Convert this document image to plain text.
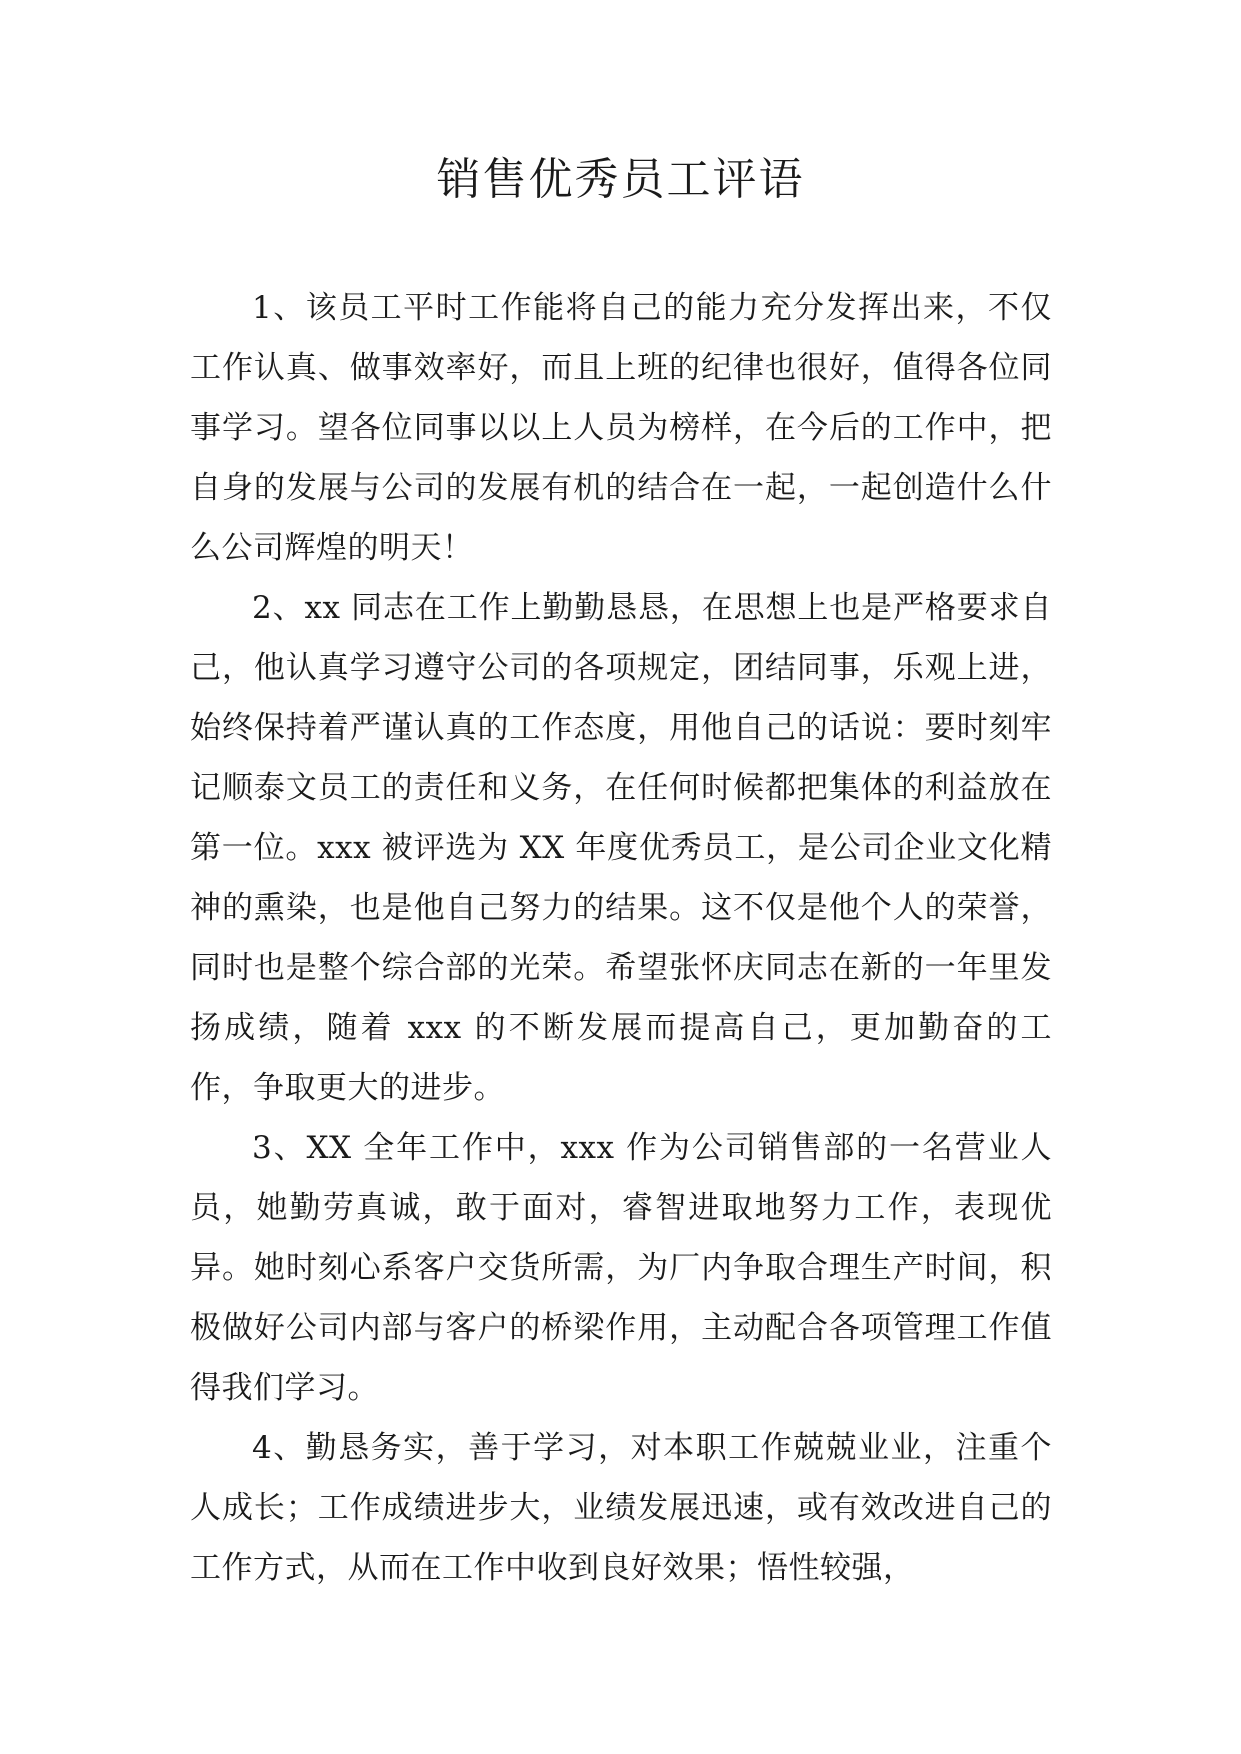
销售优秀员工评语

1、该员工平时工作能将自己的能力充分发挥出来，不仅工作认真、做事效率好，而且上班的纪律也很好，值得各位同事学习。望各位同事以以上人员为榜样，在今后的工作中，把自身的发展与公司的发展有机的结合在一起，一起创造什么什么公司辉煌的明天！

2、xx 同志在工作上勤勤恳恳，在思想上也是严格要求自己，他认真学习遵守公司的各项规定，团结同事，乐观上进，始终保持着严谨认真的工作态度，用他自己的话说：要时刻牢记顺泰文员工的责任和义务，在任何时候都把集体的利益放在第一位。xxx 被评选为 XX 年度优秀员工，是公司企业文化精神的熏染，也是他自己努力的结果。这不仅是他个人的荣誉，同时也是整个综合部的光荣。希望张怀庆同志在新的一年里发扬成绩，随着 xxx 的不断发展而提高自己，更加勤奋的工作，争取更大的进步。

3、XX 全年工作中，xxx 作为公司销售部的一名营业人员，她勤劳真诚，敢于面对，睿智进取地努力工作，表现优异。她时刻心系客户交货所需，为厂内争取合理生产时间，积极做好公司内部与客户的桥梁作用，主动配合各项管理工作值得我们学习。

4、勤恳务实，善于学习，对本职工作兢兢业业，注重个人成长；工作成绩进步大，业绩发展迅速，或有效改进自己的工作方式，从而在工作中收到良好效果；悟性较强，
